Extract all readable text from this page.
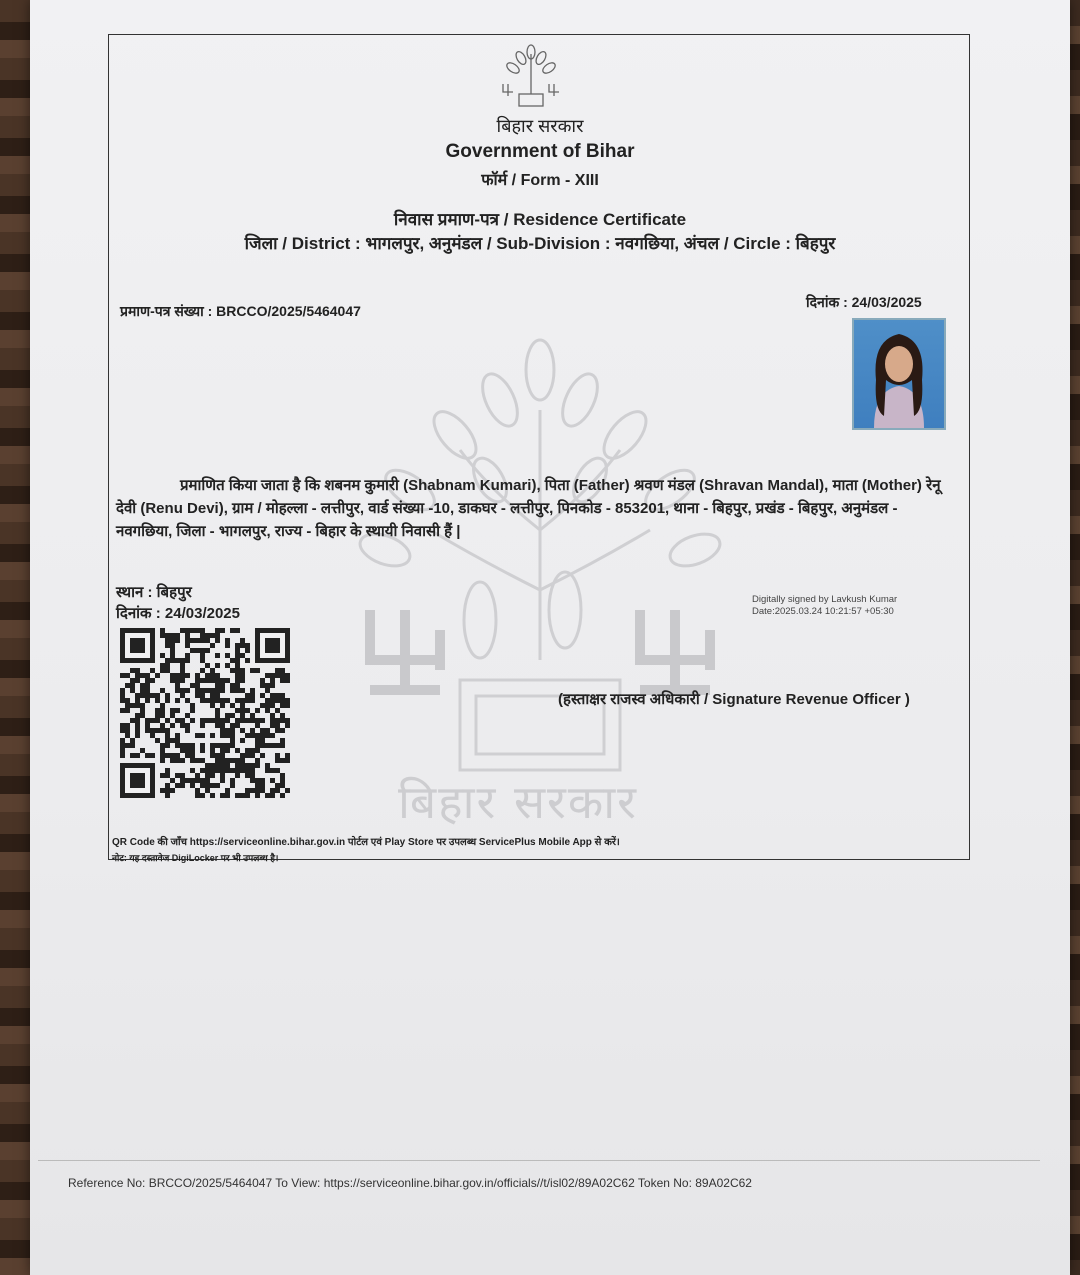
बिहार सरकार
बिहार सरकार
Government of Bihar
फॉर्म / Form - XIII
निवास प्रमाण-पत्र / Residence Certificate
जिला / District : भागलपुर, अनुमंडल / Sub-Division : नवगछिया, अंचल / Circle : बिहपुर
प्रमाण-पत्र संख्या : BRCCO/2025/5464047
दिनांक : 24/03/2025
प्रमाणित किया जाता है कि शबनम कुमारी (Shabnam Kumari), पिता (Father) श्रवण मंडल (Shravan Mandal), माता (Mother) रेनू देवी (Renu Devi), ग्राम / मोहल्ला - लत्तीपुर, वार्ड संख्या -10, डाकघर - लत्तीपुर, पिनकोड - 853201, थाना - बिहपुर, प्रखंड - बिहपुर, अनुमंडल - नवगछिया, जिला - भागलपुर, राज्य - बिहार के स्थायी निवासी हैं |
स्थान : बिहपुर
दिनांक : 24/03/2025
Digitally signed by Lavkush Kumar
Date:2025.03.24 10:21:57 +05:30
(हस्ताक्षर राजस्व अधिकारी / Signature Revenue Officer )
QR Code की जाँच https://serviceonline.bihar.gov.in पोर्टल एवं Play Store पर उपलब्ध ServicePlus Mobile App से करें।
नोट: यह दस्तावेज DigiLocker पर भी उपलब्ध है।
Reference No: BRCCO/2025/5464047 To View: https://serviceonline.bihar.gov.in/officials//t/isl02/89A02C62 Token No: 89A02C62
